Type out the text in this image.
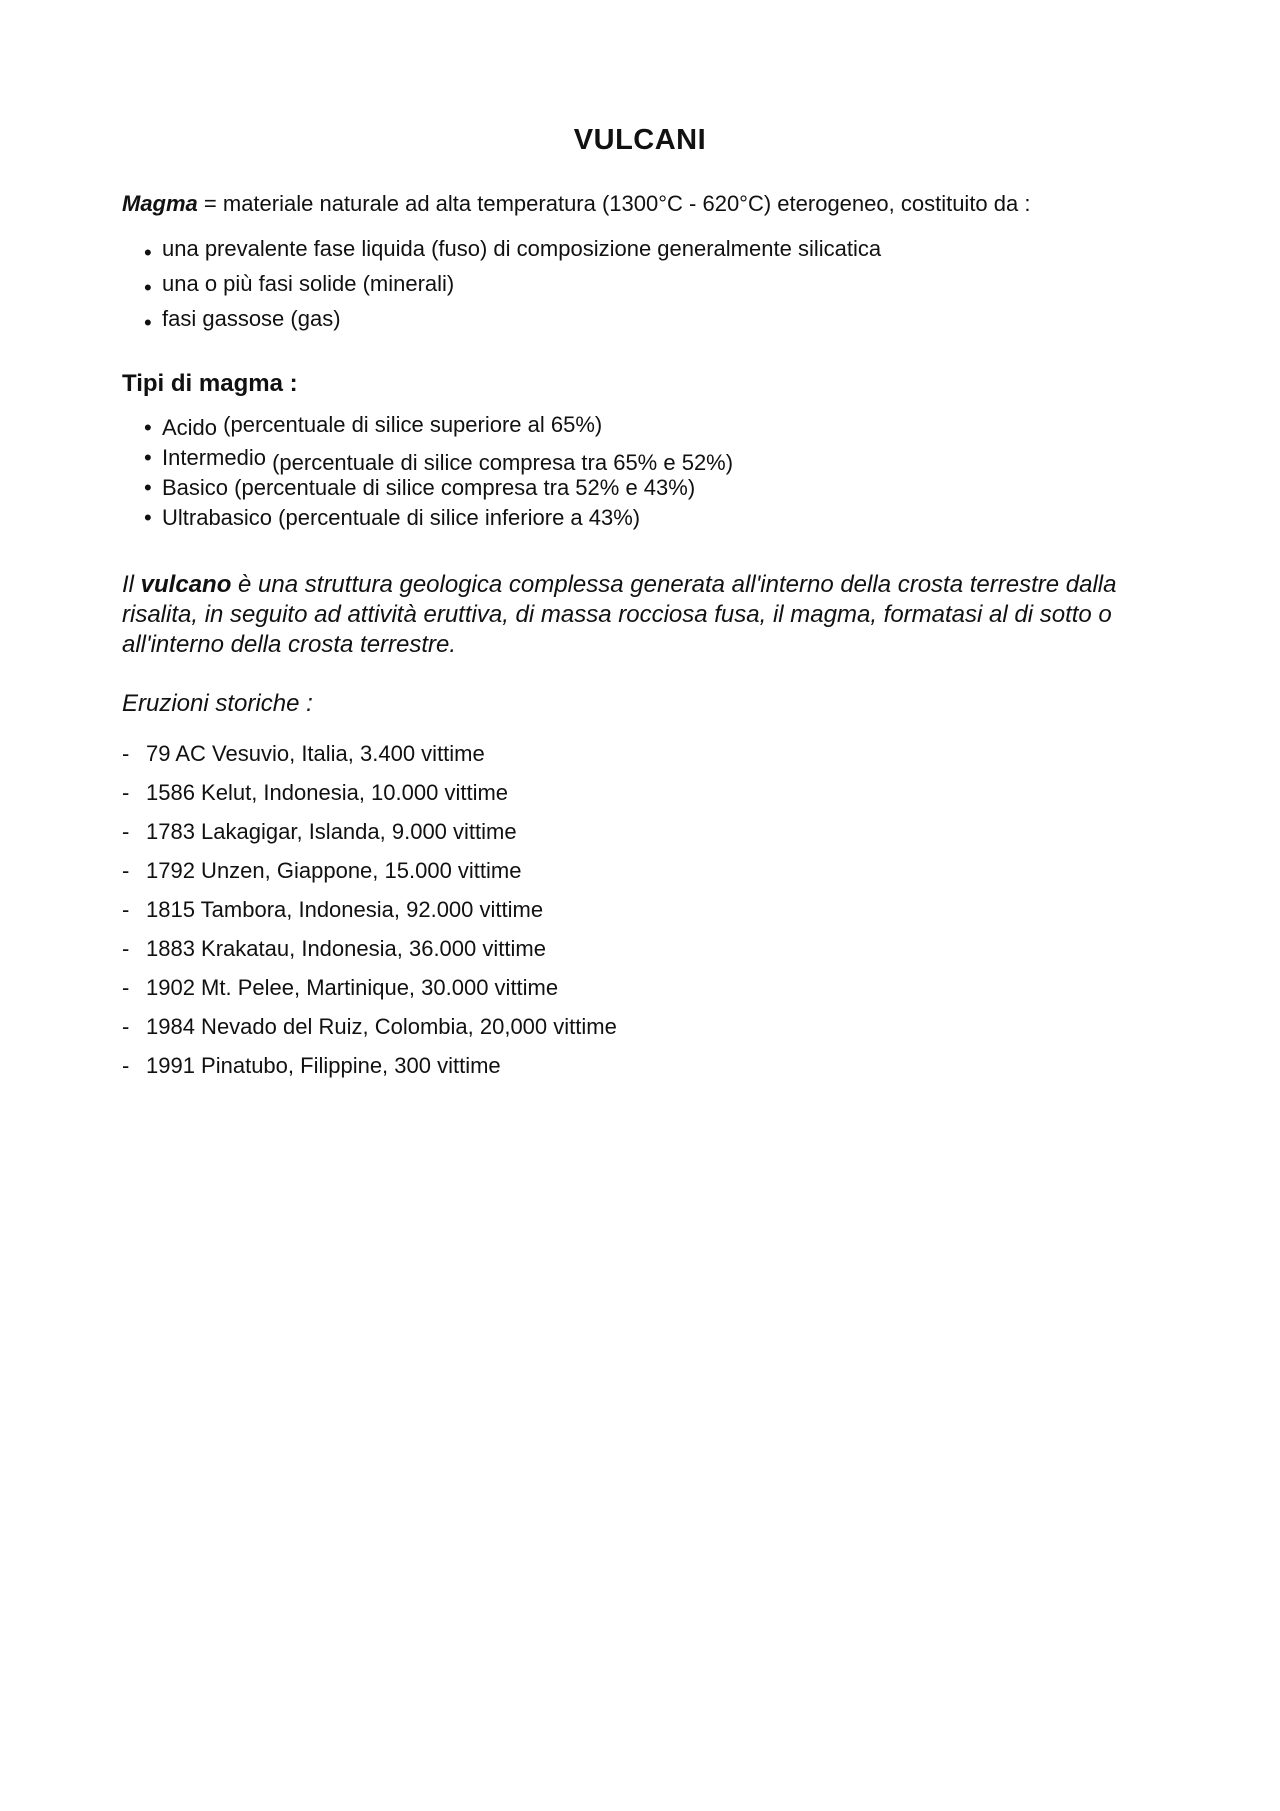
VULCANI
Magma = materiale naturale ad alta temperatura (1300°C - 620°C) eterogeneo, costituito da :
• una prevalente fase liquida (fuso) di composizione generalmente silicatica
• una o più fasi solide (minerali)
• fasi gassose (gas)
Tipi di magma :
• Acido (percentuale di silice superiore al 65%)
• Intermedio (percentuale di silice compresa tra 65% e 52%)
• Basico (percentuale di silice compresa tra 52% e 43%)
• Ultrabasico (percentuale di silice inferiore a 43%)
Il vulcano è una struttura geologica complessa generata all'interno della crosta terrestre dalla risalita, in seguito ad attività eruttiva, di massa rocciosa fusa, il magma, formatasi al di sotto o all'interno della crosta terrestre.
Eruzioni storiche :
- 79 AC Vesuvio, Italia, 3.400 vittime
- 1586 Kelut, Indonesia, 10.000 vittime
- 1783 Lakagigar, Islanda, 9.000 vittime
- 1792 Unzen, Giappone, 15.000 vittime
- 1815 Tambora, Indonesia, 92.000 vittime
- 1883 Krakatau, Indonesia, 36.000 vittime
- 1902 Mt. Pelee, Martinique, 30.000 vittime
- 1984 Nevado del Ruiz, Colombia, 20,000 vittime
- 1991 Pinatubo, Filippine, 300 vittime
